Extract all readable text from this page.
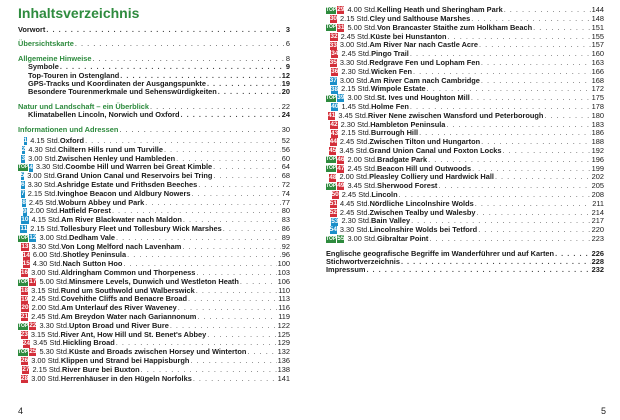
Inhaltsverzeichnis
Vorwort . . .	3
Übersichtskarte . . .	6
Allgemeine Hinweise . . .	8
Symbole . . .	9
Top-Touren in Ostengland . . .	12
GPS-Tracks und Koordinaten der Ausgangspunkte . . .	19
Besondere Tourenmerkmale und Sehenswürdigkeiten . . .	20
Natur und Landschaft – ein Überblick . . .	22
Klimatabellen Lincoln, Norwich und Oxford . . .	24
Informationen und Adressen . . .	30
1 4.15 Std. Oxford . . .	52
2 4.30 Std. Chiltern Hills rund um Turville . . .	56
3 3.00 Std. Zwischen Henley und Hambleden . . .	60
TOP 4 3.30 Std. Coombe Hill und Warren bei Great Kimble . . .	64
5 3.00 Std. Grand Union Canal und Reservoirs bei Tring . . .	68
6 3.30 Std. Ashridge Estate und Frithsden Beeches . . .	72
7 2.15 Std. Ivinghoe Beacon und Aldbury Nowers . . .	74
8 2.45 Std. Woburn Abbey und Park . . .	77
9 2.00 Std. Hatfield Forest . . .	80
10 4.15 Std. Am River Blackwater nach Maldon . . .	83
11 2.15 Std. Tollesbury Fleet und Tollesbury Wick Marshes . . .	86
TOP 12 3.00 Std. Dedham Vale . . .	89
13 3.30 Std. Von Long Melford nach Lavenham . . .	92
14 6.00 Std. Shotley Peninsula . . .	96
15 4.30 Std. Nach Sutton Hoo . . .	100
16 3.00 Std. Aldringham Common und Thorpeness . . .	103
TOP 17 5.00 Std. Minsmere Levels, Dunwich und Westleton Heath . . .	106
18 3.15 Std. Rund um Southwold und Walberswick . . .	110
19 2.45 Std. Covehithe Cliffs and Benacre Broad . . .	113
20 2.00 Std. Am Unterlauf des River Waveney . . .	116
21 2.45 Std. Am Breydon Water nach Gariannonum . . .	119
TOP 22 3.30 Std. Upton Broad und River Bure . . .	122
23 3.15 Std. River Ant, How Hill und St. Benet's Abbey . . .	125
24 3.45 Std. Hickling Broad . . .	129
TOP 25 5.30 Std. Küste and Broads zwischen Horsey und Winterton . . .	132
26 3.00 Std. Klippen und Strand bei Happisburgh . . .	136
27 2.15 Std. River Bure bei Buxton . . .	138
28 3.00 Std. Herrenhäuser in den Hügeln Norfolks . . .	141
4
TOP 29 4.00 Std. Kelling Heath und Sheringham Park . . .	144
30 2.15 Std. Cley und Salthouse Marshes . . .	148
TOP 31 5.00 Std. Von Brancaster Staithe zum Holkham Beach . . .	151
32 2.45 Std. Küste bei Hunstanton . . .	155
33 3.00 Std. Am River Nar nach Castle Acre . . .	157
34 2.45 Std. Pingo Trail . . .	160
35 3.30 Std. Redgrave Fen und Lopham Fen . . .	163
36 2.30 Std. Wicken Fen . . .	166
37 3.00 Std. Am River Cam nach Cambridge . . .	168
38 2.15 Std. Wimpole Estate . . .	172
TOP 39 3.00 Std. St. Ives und Houghton Mill . . .	175
40 1.45 Std. Holme Fen . . .	178
41 3.45 Std. River Nene zwischen Wansford und Peterborough . . .	180
42 2.30 Std. Hambleton Peninsula . . .	183
43 2.15 Std. Burrough Hill . . .	186
44 2.45 Std. Zwischen Tilton und Hungarton . . .	188
45 3.45 Std. Grand Union Canal und Foxton Locks . . .	192
TOP 46 2.00 Std. Bradgate Park . . .	196
TOP 47 2.45 Std. Beacon Hill und Outwoods . . .	199
48 2.00 Std. Pleasley Colliery und Hardwick Hall . . .	202
TOP 49 3.45 Std. Sherwood Forest . . .	205
50 2.45 Std. Lincoln . . .	208
51 4.45 Std. Nördliche Lincolnshire Wolds . . .	211
52 2.45 Std. Zwischen Tealby und Walesby . . .	214
53 2.30 Std. Bain Valley . . .	217
54 3.30 Std. Lincolnshire Wolds bei Tetford . . .	220
TOP 55 3.00 Std. Gibraltar Point . . .	223
Englische geografische Begriffe im Wanderführer und auf Karten . . .	226
Stichwortverzeichnis . . .	228
Impressum . . .	232
5
